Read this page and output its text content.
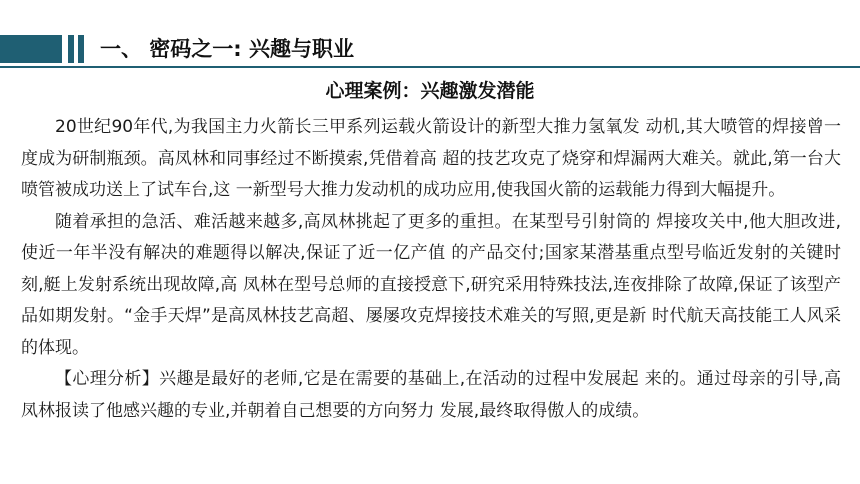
一、 密码之一: 兴趣与职业
心理案例：兴趣激发潜能

20世纪90年代,为我国主力火箭长三甲系列运载火箭设计的新型大推力氢氧发 动机,其大喷管的焊接曾一度成为研制瓶颈。高凤林和同事经过不断摸索,凭借着高 超的技艺攻克了烧穿和焊漏两大难关。就此,第一台大喷管被成功送上了试车台,这 一新型号大推力发动机的成功应用,使我国火箭的运载能力得到大幅提升。

随着承担的急活、难活越来越多,高凤林挑起了更多的重担。在某型号引射筒的 焊接攻关中,他大胆改进,使近一年半没有解决的难题得以解决,保证了近一亿产值 的产品交付;国家某潜基重点型号临近发射的关键时刻,艇上发射系统出现故障,高 凤林在型号总师的直接授意下,研究采用特殊技法,连夜排除了故障,保证了该型产 品如期发射。“金手天焊”是高凤林技艺高超、屡屡攻克焊接技术难关的写照,更是新 时代航天高技能工人风采的体现。

【心理分析】兴趣是最好的老师,它是在需要的基础上,在活动的过程中发展起 来的。通过母亲的引导,高凤林报读了他感兴趣的专业,并朝着自己想要的方向努力 发展,最终取得傲人的成绩。
